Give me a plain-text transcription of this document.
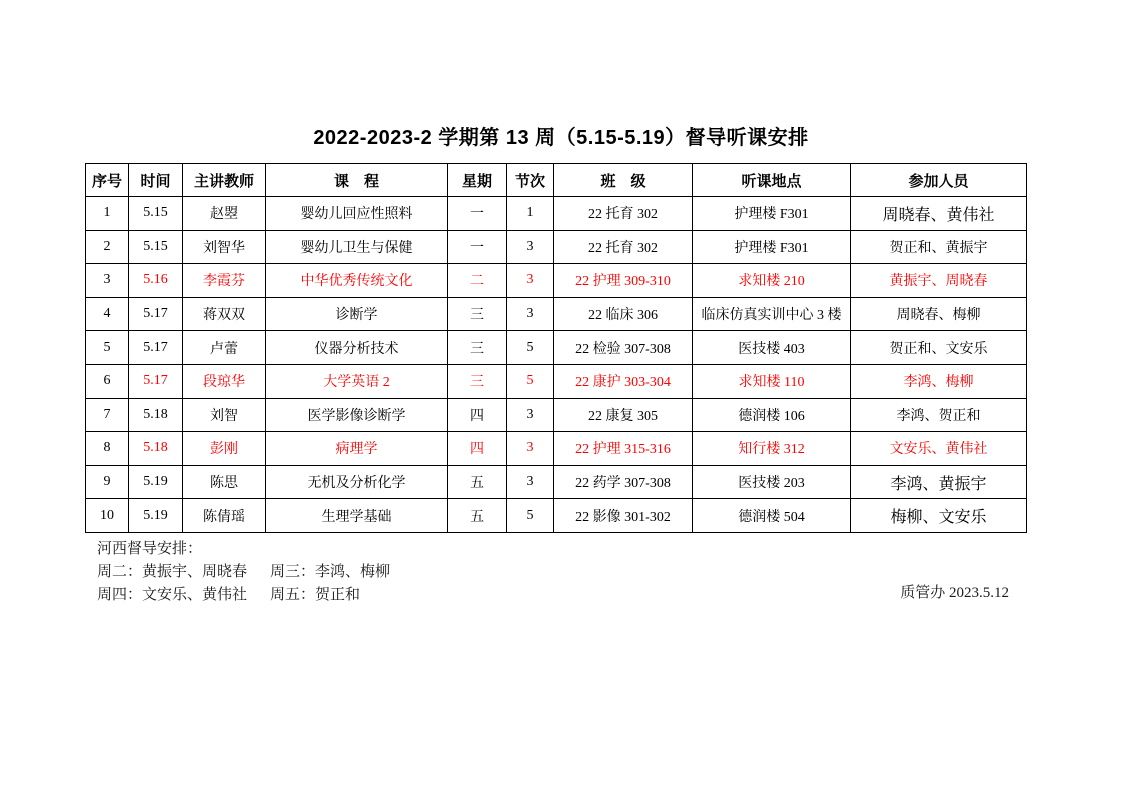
2022-2023-2 学期第 13 周（5.15-5.19）督导听课安排
序号	时间	主讲教师	课　程	星期	节次	班　级	听课地点	参加人员
1	5.15	赵曌	婴幼儿回应性照料	一	1	22 托育 302	护理楼 F301	周晓春、黄伟社
2	5.15	刘智华	婴幼儿卫生与保健	一	3	22 托育 302	护理楼 F301	贺正和、黄振宇
3	5.16	李霞芬	中华优秀传统文化	二	3	22 护理 309-310	求知楼 210	黄振宇、周晓春
4	5.17	蒋双双	诊断学	三	3	22 临床 306	临床仿真实训中心 3 楼	周晓春、梅柳
5	5.17	卢蕾	仪器分析技术	三	5	22 检验 307-308	医技楼 403	贺正和、文安乐
6	5.17	段琼华	大学英语 2	三	5	22 康护 303-304	求知楼 110	李鸿、梅柳
7	5.18	刘智	医学影像诊断学	四	3	22 康复 305	德润楼 106	李鸿、贺正和
8	5.18	彭刚	病理学	四	3	22 护理 315-316	知行楼 312	文安乐、黄伟社
9	5.19	陈思	无机及分析化学	五	3	22 药学 307-308	医技楼 203	李鸿、黄振宇
10	5.19	陈倩瑶	生理学基础	五	5	22 影像 301-302	德润楼 504	梅柳、文安乐
河西督导安排：
周二：黄振宇、周晓春 周三：李鸿、梅柳
周四：文安乐、黄伟社 周五：贺正和	质管办 2023.5.12
